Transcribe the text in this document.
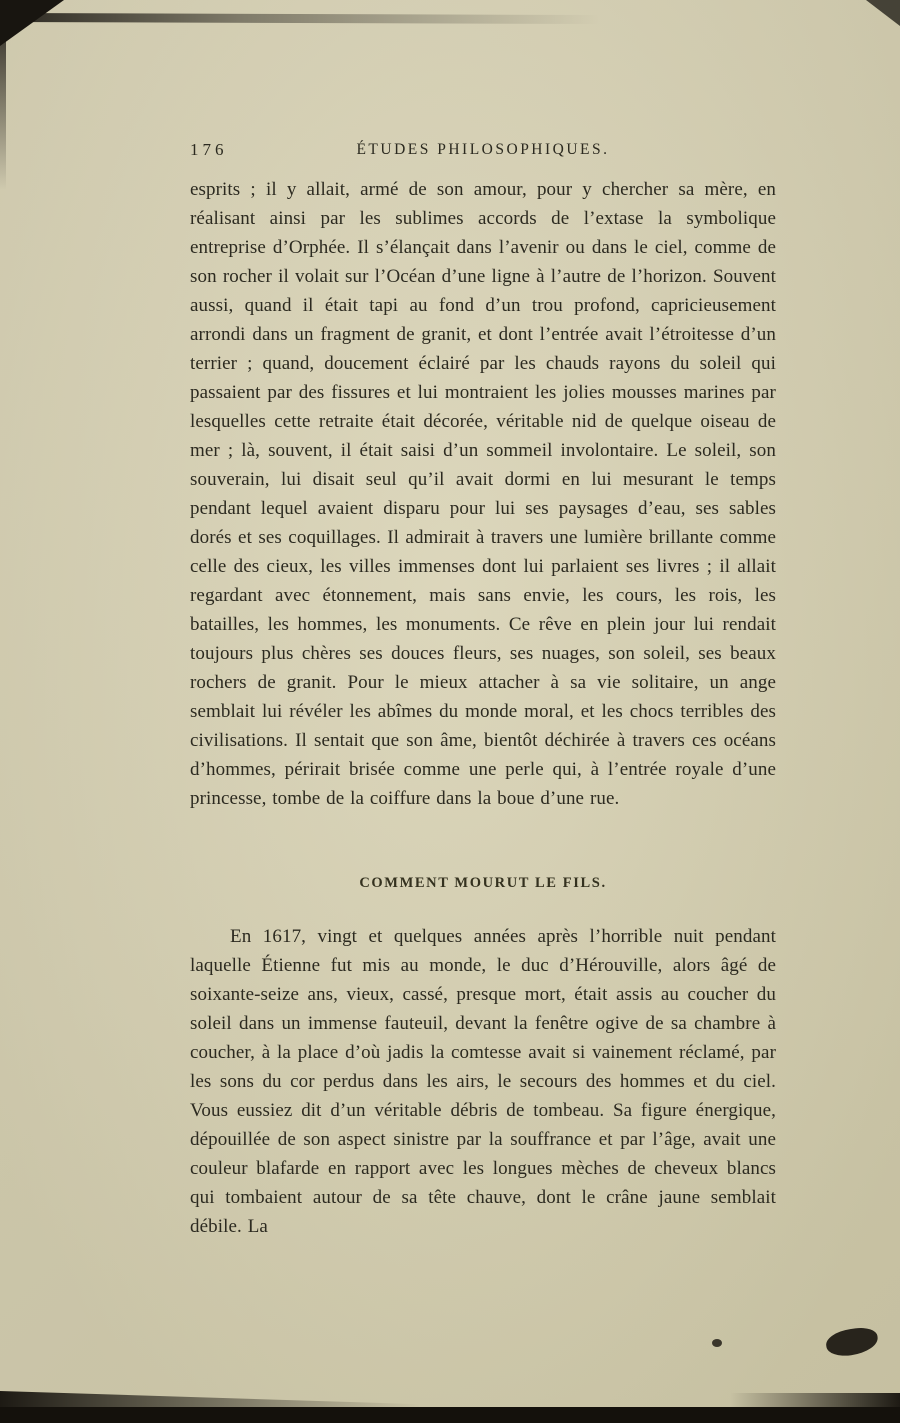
176	ÉTUDES PHILOSOPHIQUES.

esprits ; il y allait, armé de son amour, pour y chercher sa mère, en réalisant ainsi par les sublimes accords de l’extase la symbolique entreprise d’Orphée. Il s’élançait dans l’avenir ou dans le ciel, comme de son rocher il volait sur l’Océan d’une ligne à l’autre de l’horizon. Souvent aussi, quand il était tapi au fond d’un trou profond, capricieusement arrondi dans un fragment de granit, et dont l’entrée avait l’étroitesse d’un terrier ; quand, doucement éclairé par les chauds rayons du soleil qui passaient par des fissures et lui montraient les jolies mousses marines par lesquelles cette retraite était décorée, véritable nid de quelque oiseau de mer ; là, souvent, il était saisi d’un sommeil involontaire. Le soleil, son souverain, lui disait seul qu’il avait dormi en lui mesurant le temps pendant lequel avaient disparu pour lui ses paysages d’eau, ses sables dorés et ses coquillages. Il admirait à travers une lumière brillante comme celle des cieux, les villes immenses dont lui parlaient ses livres ; il allait regardant avec étonnement, mais sans envie, les cours, les rois, les batailles, les hommes, les monuments. Ce rêve en plein jour lui rendait toujours plus chères ses douces fleurs, ses nuages, son soleil, ses beaux rochers de granit. Pour le mieux attacher à sa vie solitaire, un ange semblait lui révéler les abîmes du monde moral, et les chocs terribles des civilisations. Il sentait que son âme, bientôt déchirée à travers ces océans d’hommes, périrait brisée comme une perle qui, à l’entrée royale d’une princesse, tombe de la coiffure dans la boue d’une rue.

COMMENT MOURUT LE FILS.

En 1617, vingt et quelques années après l’horrible nuit pendant laquelle Étienne fut mis au monde, le duc d’Hérouville, alors âgé de soixante-seize ans, vieux, cassé, presque mort, était assis au coucher du soleil dans un immense fauteuil, devant la fenêtre ogive de sa chambre à coucher, à la place d’où jadis la comtesse avait si vainement réclamé, par les sons du cor perdus dans les airs, le secours des hommes et du ciel. Vous eussiez dit d’un véritable débris de tombeau. Sa figure énergique, dépouillée de son aspect sinistre par la souffrance et par l’âge, avait une couleur blafarde en rapport avec les longues mèches de cheveux blancs qui tombaient autour de sa tête chauve, dont le crâne jaune semblait débile. La
